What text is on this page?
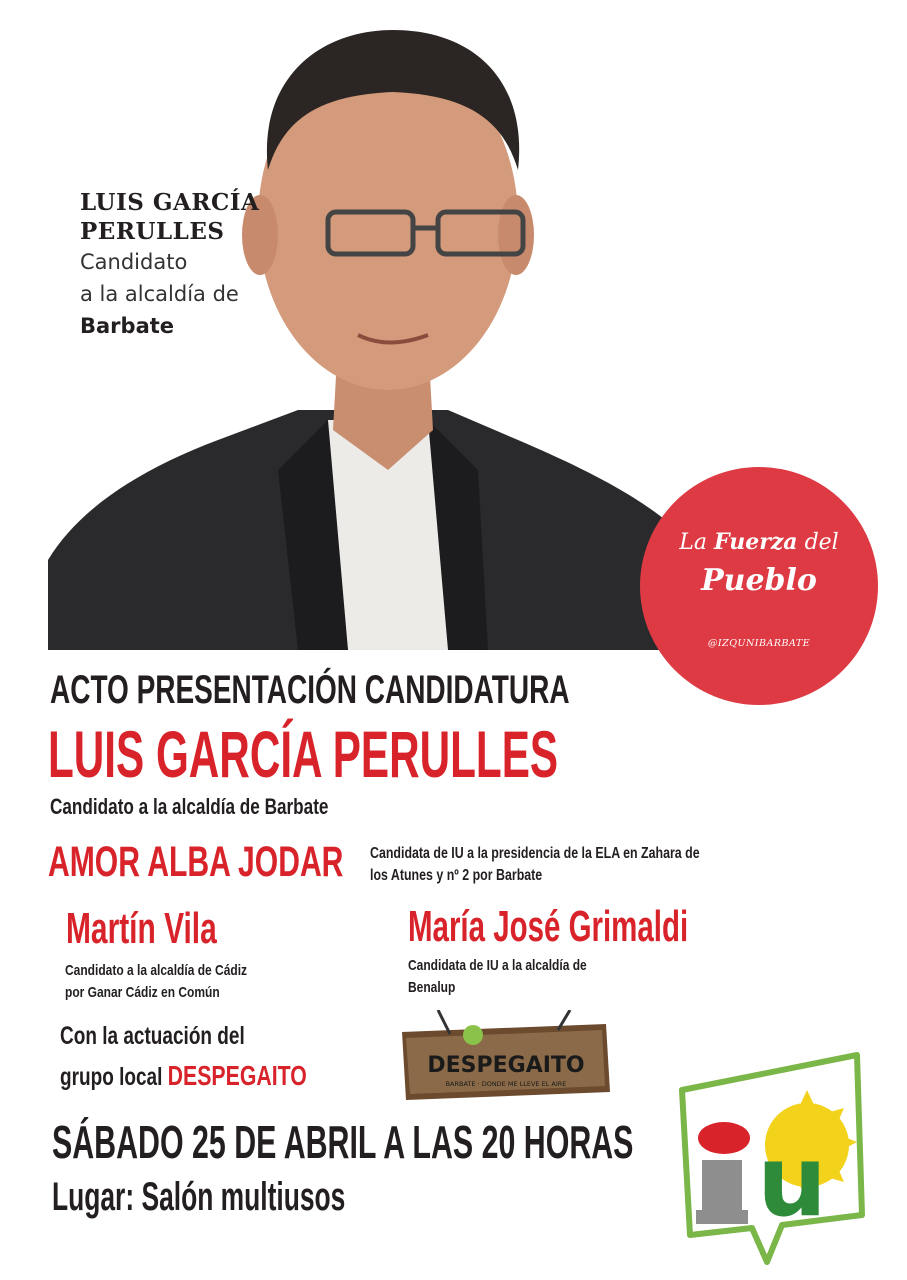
LUIS GARCÍA
PERULLES
Candidato
a la alcaldía de
Barbate
La Fuerza del
Pueblo
@IZQUNIBARBATE
ACTO PRESENTACIÓN CANDIDATURA
LUIS GARCÍA PERULLES
Candidato a la alcaldía de Barbate
AMOR ALBA JODAR Candidata de IU a la presidencia de la ELA en Zahara de los Atunes y nº 2 por Barbate
Martín Vila
Candidato a la alcaldía de Cádiz por Ganar Cádiz en Común
María José Grimaldi
Candidata de IU a la alcaldía de Benalup
Con la actuación del
grupo local DESPEGAITO	DESPEGAITO
BARBATE · DONDE ME LLEVE EL AIRE
SÁBADO 25 DE ABRIL A LAS 20 HORAS
Lugar: Salón multiusos	u
